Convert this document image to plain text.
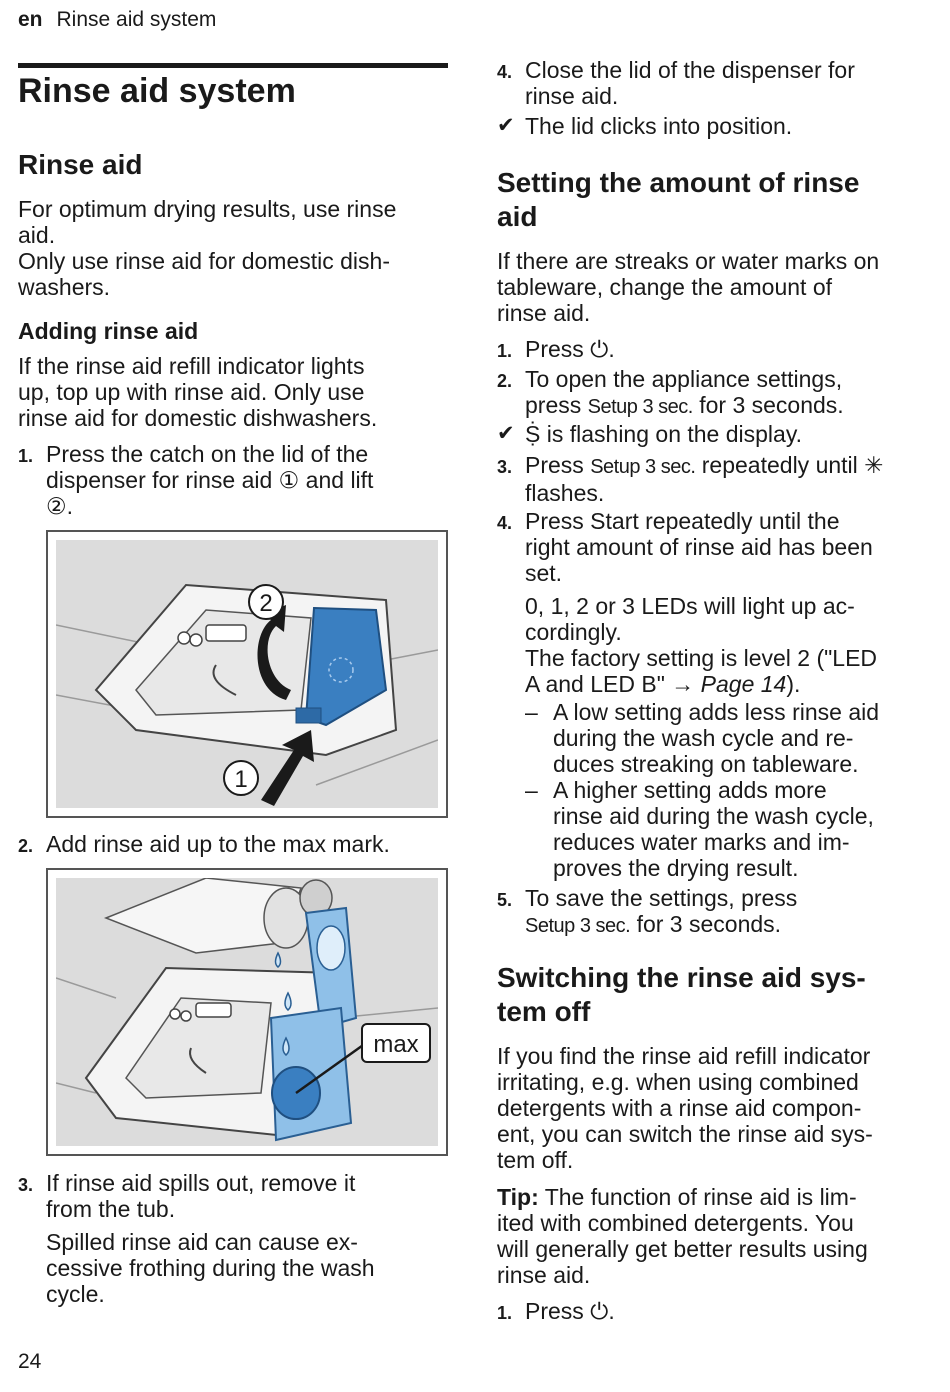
en Rinse aid system
Rinse aid system
Rinse aid
For optimum drying results, use rinse
aid.
Only use rinse aid for domestic dish-
washers.
Adding rinse aid
If the rinse aid refill indicator lights
up, top up with rinse aid. Only use
rinse aid for domestic dishwashers.
1. Press the catch on the lid of the
dispenser for rinse aid ① and lift
②.
2
1
2. Add rinse aid up to the max mark.
max
3. If rinse aid spills out, remove it
from the tub.
Spilled rinse aid can cause ex-
cessive frothing during the wash
cycle.
24
4. Close the lid of the dispenser for
rinse aid.
✔ The lid clicks into position.
Setting the amount of rinse
aid
If there are streaks or water marks on
tableware, change the amount of
rinse aid.
1. Press ⏻.
2. To open the appliance settings,
press Setup 3 sec. for 3 seconds.
✔ Ṩ is flashing on the display.
3. Press Setup 3 sec. repeatedly until ✳
flashes.
4. Press Start repeatedly until the
right amount of rinse aid has been
set.
0, 1, 2 or 3 LEDs will light up ac-
cordingly.
The factory setting is level 2 ("LED
A and LED B" → Page 14).
– A low setting adds less rinse aid
during the wash cycle and re-
duces streaking on tableware.
– A higher setting adds more
rinse aid during the wash cycle,
reduces water marks and im-
proves the drying result.
5. To save the settings, press
Setup 3 sec. for 3 seconds.
Switching the rinse aid sys-
tem off
If you find the rinse aid refill indicator
irritating, e.g. when using combined
detergents with a rinse aid compon-
ent, you can switch the rinse aid sys-
tem off.
Tip: The function of rinse aid is lim-
ited with combined detergents. You
will generally get better results using
rinse aid.
1. Press ⏻.
